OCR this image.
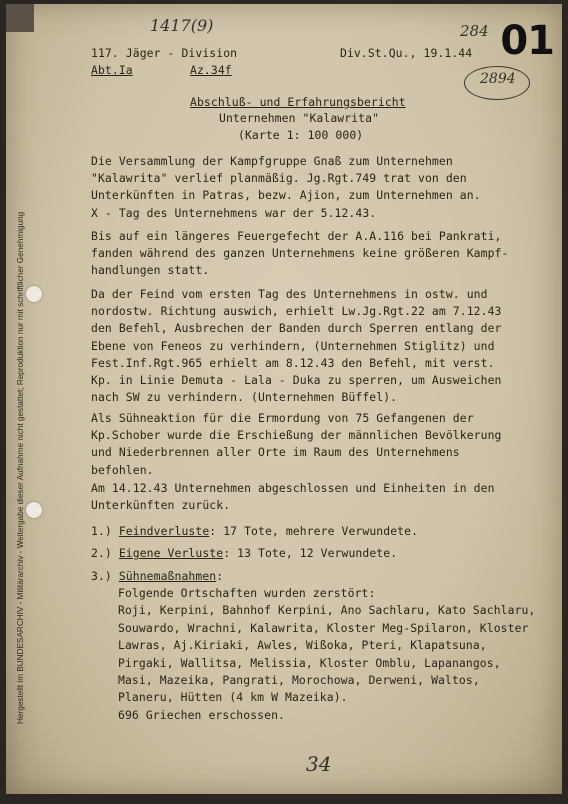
Hergestellt im BUNDESARCHIV - Militärarchiv - Weitergabe dieser Aufnahme nicht gestattet; Reproduktion nur mit schriftlicher Genehmigung
1417(9)	284
2894
01
117. Jäger - Division	Div.St.Qu., 19.1.44
Abt.Ia	Az.34f
Abschluß- und Erfahrungsbericht
Unternehmen "Kalawrita"
(Karte 1: 100 000)
Die Versammlung der Kampfgruppe Gnaß zum Unternehmen
"Kalawrita" verlief planmäßig. Jg.Rgt.749 trat von den
Unterkünften in Patras, bezw. Ajion, zum Unternehmen an.
X - Tag des Unternehmens war der 5.12.43.
Bis auf ein längeres Feuergefecht der A.A.116 bei Pankrati,
fanden während des ganzen Unternehmens keine größeren Kampf-
handlungen statt.
Da der Feind vom ersten Tag des Unternehmens in ostw. und
nordostw. Richtung auswich, erhielt Lw.Jg.Rgt.22 am 7.12.43
den Befehl, Ausbrechen der Banden durch Sperren entlang der
Ebene von Feneos zu verhindern, (Unternehmen Stiglitz) und
Fest.Inf.Rgt.965 erhielt am 8.12.43 den Befehl, mit verst.
Kp. in Linie Demuta - Lala - Duka zu sperren, um Ausweichen
nach SW zu verhindern. (Unternehmen Büffel).
Als Sühneaktion für die Ermordung von 75 Gefangenen der
Kp.Schober wurde die Erschießung der männlichen Bevölkerung
und Niederbrennen aller Orte im Raum des Unternehmens
befohlen.
Am 14.12.43 Unternehmen abgeschlossen und Einheiten in den
Unterkünften zurück.
1.) Feindverluste: 17 Tote, mehrere Verwundete.
2.) Eigene Verluste: 13 Tote, 12 Verwundete.
3.) Sühnemaßnahmen:
Folgende Ortschaften wurden zerstört:
Roji, Kerpini, Bahnhof Kerpini, Ano Sachlaru, Kato Sachlaru,
Souwardo, Wrachni, Kalawrita, Kloster Meg-Spilaron, Kloster
Lawras, Aj.Kiriaki, Awles, Wißoka, Pteri, Klapatsuna,
Pirgaki, Wallitsa, Melissia, Kloster Omblu, Lapanangos,
Masi, Mazeika, Pangrati, Morochowa, Derweni, Waltos,
Planeru, Hütten (4 km W Mazeika).
696 Griechen erschossen.
34
